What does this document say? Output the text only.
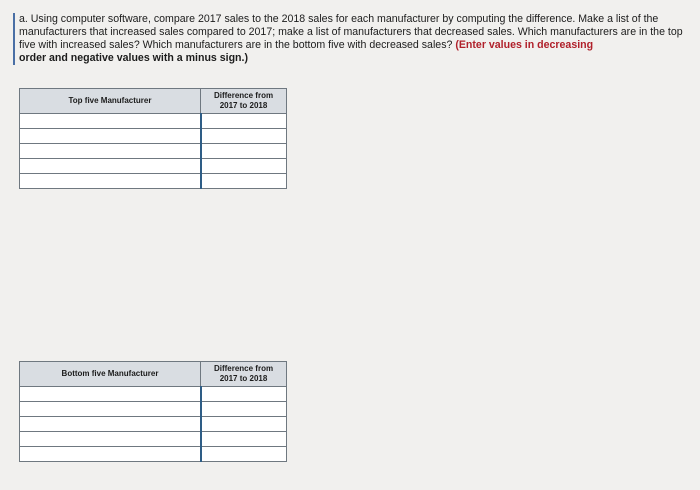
a. Using computer software, compare 2017 sales to the 2018 sales for each manufacturer by computing the difference. Make a list of the manufacturers that increased sales compared to 2017; make a list of manufacturers that decreased sales. Which manufacturers are in the top five with increased sales? Which manufacturers are in the bottom five with decreased sales? (Enter values in decreasing
order and negative values with a minus sign.)
Top five Manufacturer	Difference from
2017 to 2018

Bottom five Manufacturer	Difference from
2017 to 2018
